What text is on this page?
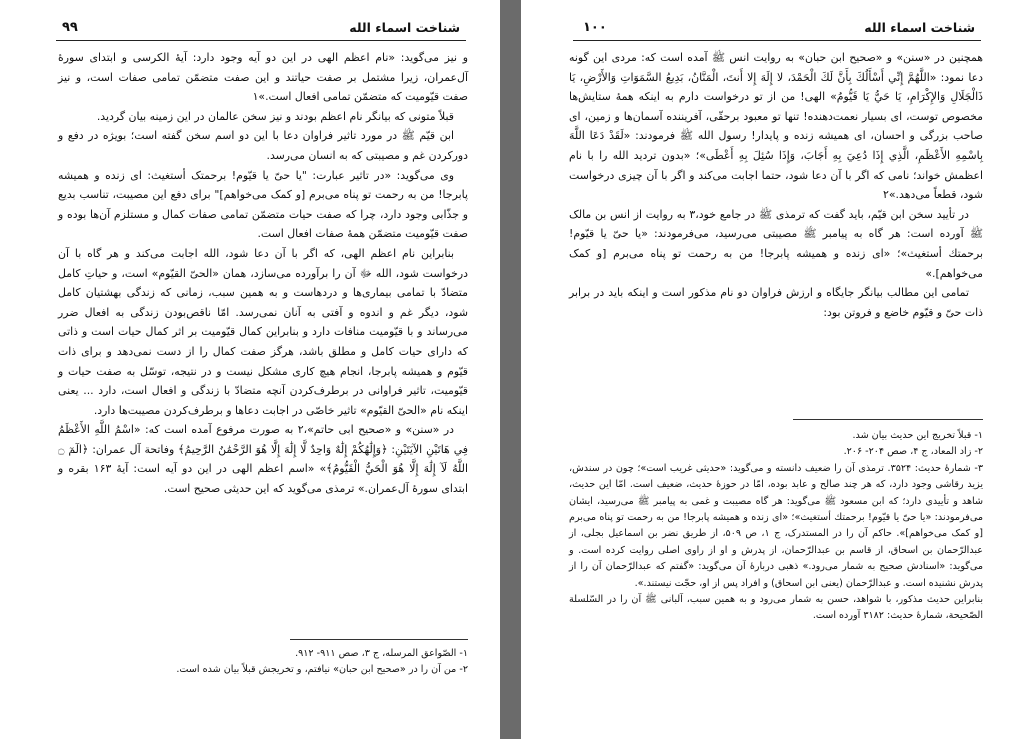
۹۹	شناخت اسماء الله

و نیز می‌گوید: «نام اعظم الهی در این دو آیه وجود دارد: آیهٔ الکرسی و ابتدای سورهٔ آل‌عمران، زیرا مشتمل بر صفت حیاتند و این صفت متضمّن تمامی صفات است، و نیز صفت قیّومیت که متضمّن تمامی افعال است.»۱

قبلاً متونی که بیانگر نام اعظم بودند و نیز سخن عالمان در این زمینه بیان گردید.

ابن قیّم ﷺ در مورد تاثیر فراوان دعا با این دو اسم سخن گفته است؛ بویژه در دفع و دورکردن غم و مصیبتی که به انسان می‌رسد.

وی می‌گوید: «در تاثیر عبارت: "یا حیّ یا قیّوم! برحمتک أستغیث: ای زنده و همیشه پابرجا! من به رحمت تو پناه می‌برم [و کمک می‌خواهم]" برای دفع این مصیبت، تناسب بدیع و جذّابی وجود دارد، چرا که صفت حیات متضمّن تمامی صفات کمال و مستلزم آن‌ها بوده و صفت قیّومیت متضمّن همهٔ صفات افعال است.

بنابراین نام اعظم الهی، که اگر با آن دعا شود، الله اجابت می‌کند و هر گاه با آن درخواست شود، الله ﷻ آن را برآورده می‌سازد، همان «الحیّ القیّوم» است، و حیاتِ کامل متضادّ با تمامی بیماری‌ها و دردهاست و به همین سبب، زمانی که زندگی بهشتیان کامل شود، دیگر غم و اندوه و آفتی به آنان نمی‌رسد. امّا ناقص‌بودن زندگی به افعال ضرر می‌رساند و با قیّومیت منافات دارد و بنابراین کمال قیّومیت بر اثر کمال حیات است و ذاتی که دارای حیات کامل و مطلق باشد، هرگز صفت کمال را از دست نمی‌دهد و برای ذات قیّوم و همیشه پابرجا، انجام هیچ کاری مشکل نیست و در نتیجه، توسّل به صفت حیات و قیّومیت، تاثیر فراوانی در برطرف‌کردن آنچه متضادّ با زندگی و افعال است، دارد ... یعنی اینکه نام «الحیّ القیّوم» تاثیر خاصّی در اجابت دعاها و برطرف‌کردن مصیبت‌ها دارد.

در «سنن» و «صحیح ابی حاتم»،۲ به صورت مرفوع آمده است که: «اسْمُ اللَّهِ الأَعْظَمُ فِي هَاتَيْنِ الآيَتَيْنِ: ﴿وَإِلَٰهُكُمْ إِلَٰهٌ وَاحِدٌ لَّا إِلَٰهَ إِلَّا هُوَ الرَّحْمَٰنُ الرَّحِيمُ﴾ وفاتحة آل عمران: ﴿الٓمٓ ۝ اللَّهُ لَآ إِلَٰهَ إِلَّا هُوَ الْحَيُّ الْقَيُّومُ﴾» «اسم اعظم الهی در این دو آیه است: آیهٔ ۱۶۳ بقره و ابتدای سورهٔ آل‌عمران.» ترمذی می‌گوید که این حدیثی صحیح است.

۱- الصّواعق المرسله، ج ۳، صص ۹۱۱- ۹۱۲.

۲- من آن را در «صحیح ابن حبان» نیافتم، و تخریجش قبلاً بیان شده است.

۱۰۰	شناخت اسماء الله

همچنین در «سنن» و «صحیح ابن حبان» به روایت انس ﷺ آمده است که: مردی این گونه دعا نمود: «اللَّهُمَّ إِنِّي أَسْأَلُكَ بِأَنَّ لَكَ الْحَمْدَ، لا إِلَهَ إِلا أَنتَ، الْمَنَّانُ، بَدِيعُ السَّمَوَاتِ وَالأَرْضِ، يَا ذَالْجَلَالِ وَالإِكْرَامِ، يَا حَيُّ يَا قَيُّومُ» الهی! من از تو درخواست دارم به اینکه همهٔ ستایش‌ها مخصوص توست، ای بسیار نعمت‌دهنده! تنها تو معبود برحقّی، آفریننده آسمان‌ها و زمین، ای صاحب بزرگی و احسان، ای همیشه زنده و پایدار! رسول الله ﷺ فرمودند: «لَقَدْ دَعَا اللَّهَ بِاسْمِهِ الأَعْظَمِ، الَّذِي إِذَا دُعِيَ بِهِ أَجَابَ، وَإِذَا سُئِلَ بِهِ أَعْطَى»؛ «بدون تردید الله را با نام اعظمش خواند؛ نامی که اگر با آن دعا شود، حتما اجابت می‌کند و اگر با آن چیزی درخواست شود، قطعاً می‌دهد.»۲

در تأیید سخن ابن قیّم، باید گفت که ترمذی ﷺ در جامع خود،۳ به روایت از انس بن مالک ﷺ آورده است: هر گاه به پیامبر ﷺ مصیبتی می‌رسید، می‌فرمودند: «یا حیّ یا قیّوم! برحمتك أستغیث»؛ «ای زنده و همیشه پابرجا! من به رحمت تو پناه می‌برم [و کمک می‌خواهم].»

تمامی این مطالب بیانگر جایگاه و ارزش فراوان دو نام مذکور است و اینکه باید در برابر ذات حیّ و قیّوم خاضع و فروتن بود:

۱- قبلاً تخریج این حدیث بیان شد.

۲- زاد المعاد، ج ۴، صص ۲۰۴- ۲۰۶.

۳- شمارهٔ حدیث: ۳۵۲۴. ترمذی آن را ضعیف دانسته و می‌گوید: «حدیثی غریب است»؛ چون در سندش، یزید رقاشی وجود دارد، که هر چند صالح و عابد بوده، امّا در حوزهٔ حدیث، ضعیف است. امّا این حدیث، شاهد و تأییدی دارد؛ که ابن مسعود ﷺ می‌گوید: هر گاه مصیبت و غمی به پیامبر ﷺ می‌رسید، ایشان می‌فرمودند: «یا حیّ یا قیّوم! برحمتك أستغیث»؛ «ای زنده و همیشه پابرجا! من به رحمت تو پناه می‌برم [و کمک می‌خواهم]». حاکم آن را در المستدرک، ج ۱، ص ۵۰۹، از طریق نضر بن اسماعیل بجلی، از عبدالرّحمان بن اسحاق، از قاسم بن عبدالرّحمان، از پدرش و او از راوی اصلی روایت کرده است. و می‌گوید: «اسنادش صحیح به شمار می‌رود.» ذهبی دربارهٔ آن می‌گوید: «گفتم که عبدالرّحمان آن را از پدرش نشنیده است. و عبدالرّحمان (یعنی ابن اسحاق) و افراد پس از او، حجّت نیستند.».

بنابراین حدیث مذکور، با شواهد، حسن به شمار می‌رود و به همین سبب، آلبانی ﷺ آن را در السّلسلة الصّحیحة، شمارهٔ حدیث: ۳۱۸۲ آورده است.
